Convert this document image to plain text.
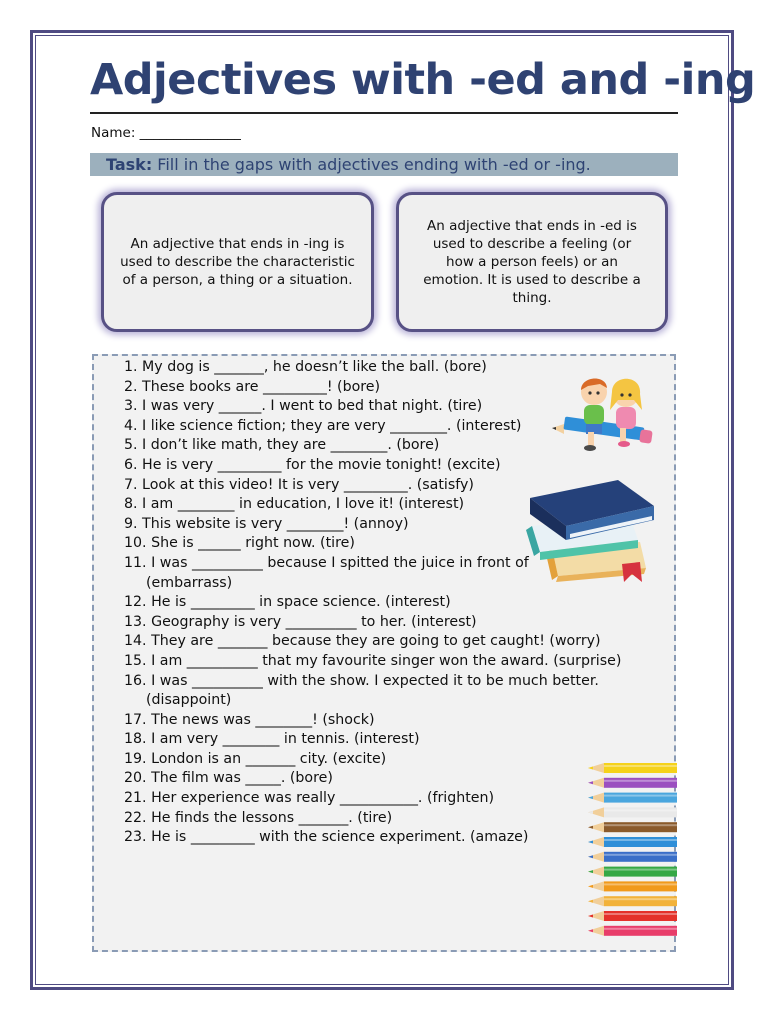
Adjectives with -ed and -ing
Name: _______________
Task: Fill in the gaps with adjectives ending with -ed or -ing.
An adjective that ends in -ing is used to describe the characteristic of a person, a thing or a situation.
An adjective that ends in -ed is used to describe a feeling (or how a person feels) or an emotion. It is used to describe a thing.
1. My dog is _______, he doesn’t like the ball. (bore)
2. These books are _________! (bore)
3. I was very ______. I went to bed that night. (tire)
4. I like science fiction; they are very ________. (interest)
5. I don’t like math, they are ________. (bore)
6. He is very _________ for the movie tonight! (excite)
7. Look at this video! It is very _________. (satisfy)
8. I am ________ in education, I love it! (interest)
9. This website is very ________! (annoy)
10. She is ______ right now. (tire)
11. I was __________ because I spitted the juice in front of
(embarrass)
12. He is _________ in space science. (interest)
13. Geography is very __________ to her. (interest)
14. They are _______ because they are going to get caught! (worry)
15. I am __________ that my favourite singer won the award. (surprise)
16. I was __________ with the show. I expected it to be much better.
(disappoint)
17. The news was ________! (shock)
18. I am very ________ in tennis. (interest)
19. London is an _______ city. (excite)
20. The film was _____. (bore)
21. Her experience was really ___________. (frighten)
22. He finds the lessons _______. (tire)
23. He is _________ with the science experiment. (amaze)
